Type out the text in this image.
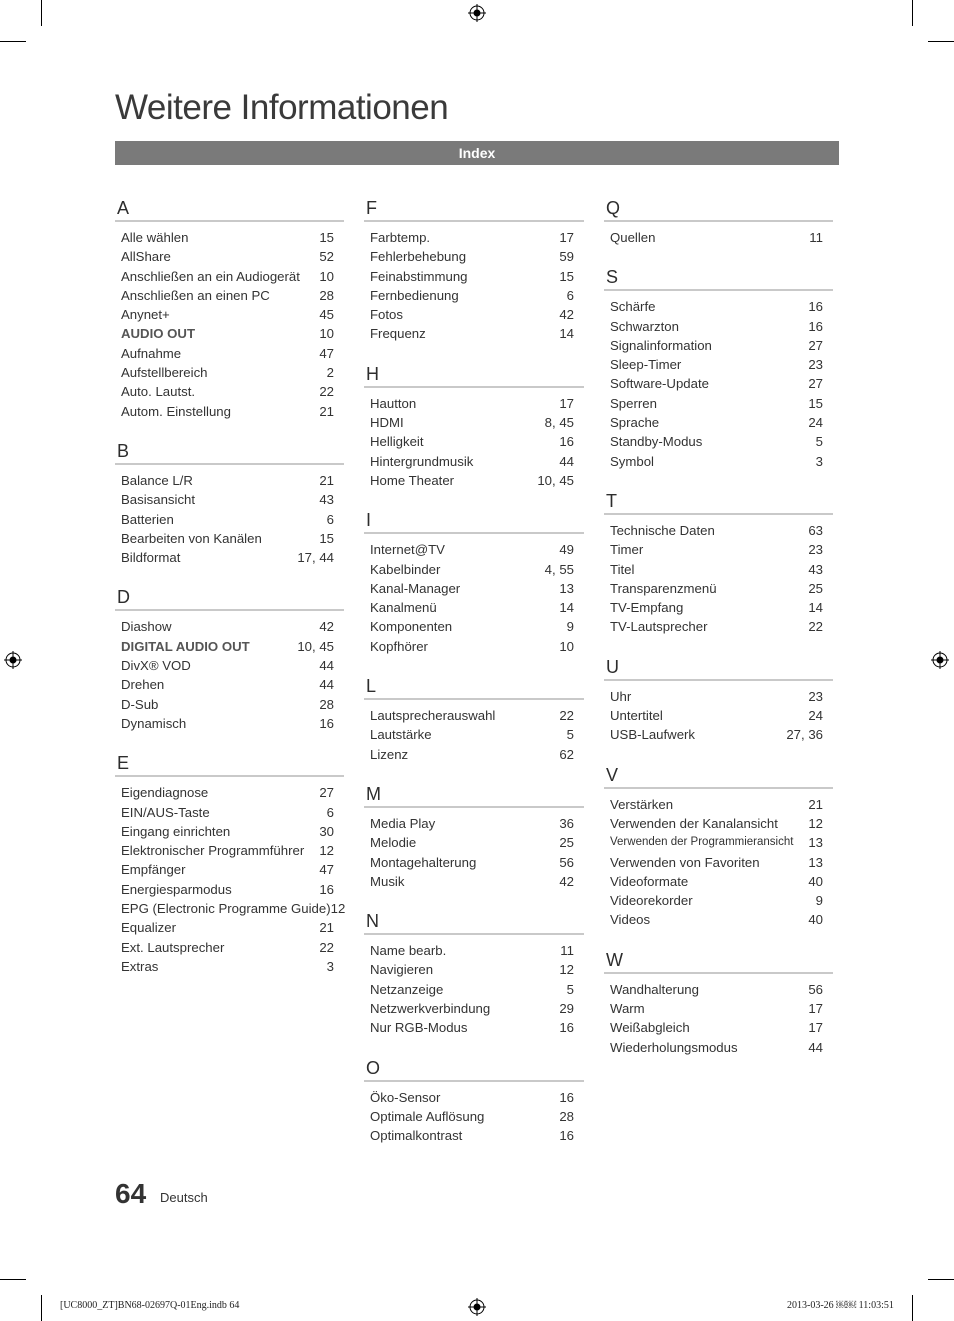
Weitere Informationen
Index
A
Alle wählen	15
AllShare	52
Anschließen an ein Audiogerät 10
Anschließen an einen PC	28
Anynet+	45
AUDIO OUT	10
Aufnahme	47
Aufstellbereich	2
Auto. Lautst.	22
Autom. Einstellung	21
B
Balance L/R	21
Basisansicht	43
Batterien	6
Bearbeiten von Kanälen	15
Bildformat	17, 44
D
Diashow	42
DIGITAL AUDIO OUT	10, 45
DivX® VOD	44
Drehen	44
D-Sub	28
Dynamisch	16
E
Eigendiagnose	27
EIN/AUS-Taste	6
Eingang einrichten	30
Elektronischer Programmführer 12
Empfänger	47
Energiesparmodus	16
EPG (Electronic Programme Guide) 12
Equalizer	21
Ext. Lautsprecher	22
Extras	3
F
Farbtemp.	17
Fehlerbehebung	59
Feinabstimmung	15
Fernbedienung	6
Fotos	42
Frequenz	14
H
Hautton	17
HDMI	8, 45
Helligkeit	16
Hintergrundmusik	44
Home Theater	10, 45
I
Internet@TV	49
Kabelbinder	4, 55
Kanal-Manager	13
Kanalmenü	14
Komponenten	9
Kopfhörer	10
L
Lautsprecherauswahl	22
Lautstärke	5
Lizenz	62
M
Media Play	36
Melodie	25
Montagehalterung	56
Musik	42
N
Name bearb.	11
Navigieren	12
Netzanzeige	5
Netzwerkverbindung	29
Nur RGB-Modus	16
O
Öko-Sensor	16
Optimale Auflösung	28
Optimalkontrast	16
Q
Quellen	11
S
Schärfe	16
Schwarzton	16
Signalinformation	27
Sleep-Timer	23
Software-Update	27
Sperren	15
Sprache	24
Standby-Modus	5
Symbol	3
T
Technische Daten	63
Timer	23
Titel	43
Transparenzmenü	25
TV-Empfang	14
TV-Lautsprecher	22
U
Uhr	23
Untertitel	24
USB-Laufwerk	27, 36
V
Verstärken	21
Verwenden der Kanalansicht 12
Verwenden der Programmieransicht 13
Verwenden von Favoriten	13
Videoformate	40
Videorekorder	9
Videos	40
W
Wandhalterung	56
Warm	17
Weißabgleich	17
Wiederholungsmodus	44
64 Deutsch
[UC8000_ZT]BN68-02697Q-01Eng.indb 64	2013-03-26 ￼￼ 11:03:51
